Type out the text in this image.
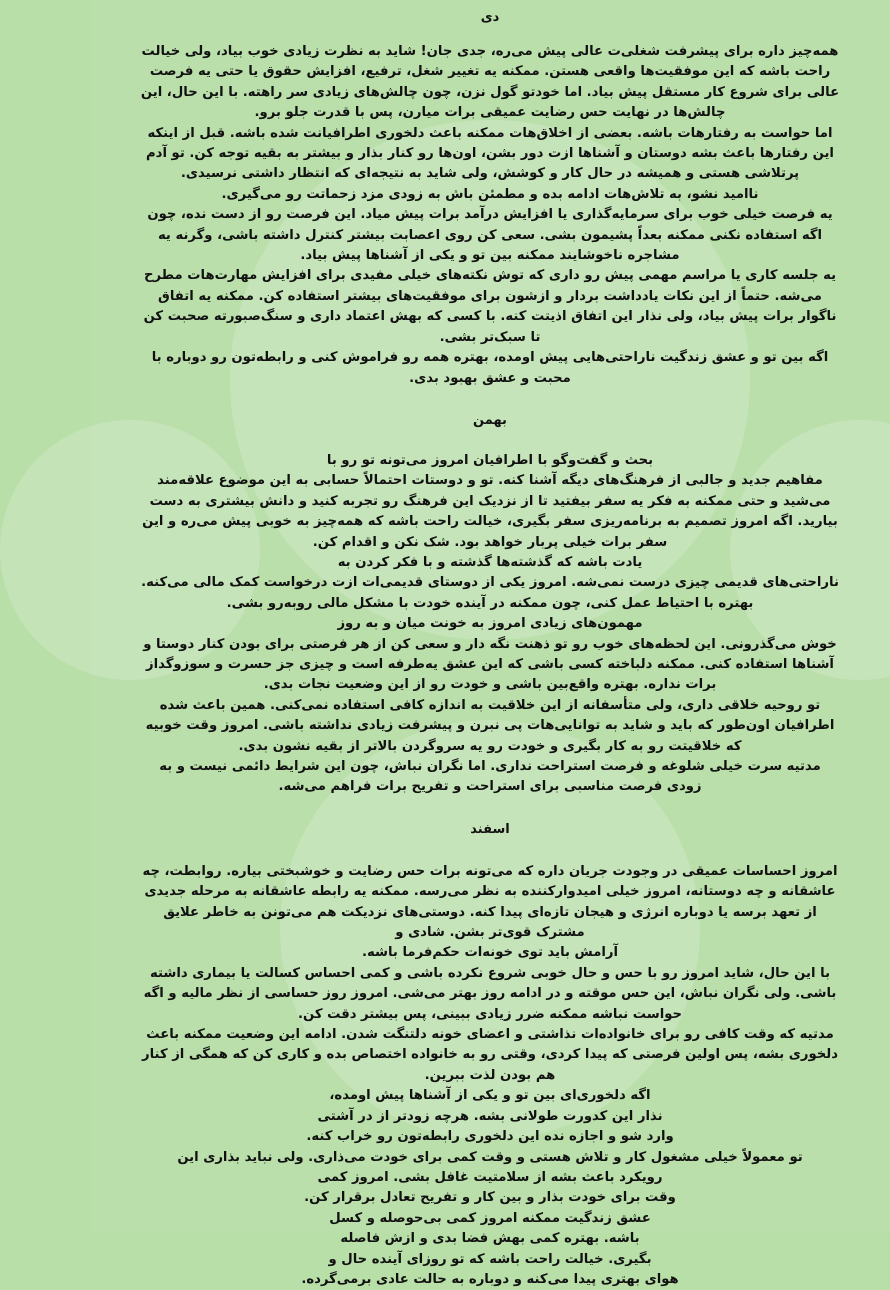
دی

همه‌چیز داره برای پیشرفت شغلی‌ت عالی پیش می‌ره، جدی جان! شاید به نظرت زیادی خوب بیاد، ولی خیالت راحت باشه که این موفقیت‌ها واقعی هستن. ممکنه یه تغییر شغل، ترفیع، افزایش حقوق یا حتی یه فرصت عالی برای شروع کار مستقل پیش بیاد. اما خودتو گول نزن، چون چالش‌های زیادی سر راهته. با این حال، این چالش‌ها در نهایت حس رضایت عمیقی برات میارن، پس با قدرت جلو برو.

اما حواست به رفتارهات باشه. بعضی از اخلاق‌هات ممکنه باعث دلخوری اطرافیانت شده باشه. قبل از اینکه این رفتارها باعث بشه دوستان و آشناها ازت دور بشن، اون‌ها رو کنار بذار و بیشتر به بقیه توجه کن. تو آدم پرتلاشی هستی و همیشه در حال کار و کوشش، ولی شاید به نتیجه‌ای که انتظار داشتی نرسیدی.

ناامید نشو، به تلاش‌هات ادامه بده و مطمئن باش به زودی مزد زحماتت رو می‌گیری.

یه فرصت خیلی خوب برای سرمایه‌گذاری یا افزایش درآمد برات پیش میاد. این فرصت رو از دست نده، چون اگه استفاده نکنی ممکنه بعداً پشیمون بشی. سعی کن روی اعصابت بیشتر کنترل داشته باشی، وگرنه یه مشاجره ناخوشایند ممکنه بین تو و یکی از آشناها پیش بیاد.

یه جلسه کاری یا مراسم مهمی پیش رو داری که توش نکته‌های خیلی مفیدی برای افزایش مهارت‌هات مطرح می‌شه. حتماً از این نکات یادداشت بردار و ازشون برای موفقیت‌های بیشتر استفاده کن. ممکنه یه اتفاق ناگوار برات پیش بیاد، ولی نذار این اتفاق اذیتت کنه. با کسی که بهش اعتماد داری و سنگ‌صبورته صحبت کن تا سبک‌تر بشی.

اگه بین تو و عشق زندگیت ناراحتی‌هایی پیش اومده، بهتره همه رو فراموش کنی و رابطه‌تون رو دوباره با محبت و عشق بهبود بدی.

بهمن

بحث و گفت‌وگو با اطرافیان امروز می‌تونه تو رو با

مفاهیم جدید و جالبی از فرهنگ‌های دیگه آشنا کنه. تو و دوستات احتمالاً حسابی به این موضوع علاقه‌مند می‌شید و حتی ممکنه به فکر یه سفر بیفتید تا از نزدیک این فرهنگ رو تجربه کنید و دانش بیشتری به دست بیارید. اگه امروز تصمیم به برنامه‌ریزی سفر بگیری، خیالت راحت باشه که همه‌چیز به خوبی پیش می‌ره و این سفر برات خیلی پربار خواهد بود. شک نکن و اقدام کن.

یادت باشه که گذشته‌ها گذشته و با فکر کردن به

ناراحتی‌های قدیمی چیزی درست نمی‌شه. امروز یکی از دوستای قدیمی‌ات ازت درخواست کمک مالی می‌کنه. بهتره با احتیاط عمل کنی، چون ممکنه در آینده خودت با مشکل مالی روبه‌رو بشی.

مهمون‌های زیادی امروز به خونت میان و به روز

خوش می‌گذرونی. این لحظه‌های خوب رو تو ذهنت نگه دار و سعی کن از هر فرصتی برای بودن کنار دوستا و آشناها استفاده کنی. ممکنه دلباخته کسی باشی که این عشق یه‌طرفه است و چیزی جز حسرت و سوزوگداز برات نداره. بهتره واقع‌بین باشی و خودت رو از این وضعیت نجات بدی.

تو روحیه خلاقی داری، ولی متأسفانه از این خلاقیت به اندازه کافی استفاده نمی‌کنی. همین باعث شده اطرافیان اون‌طور که باید و شاید به توانایی‌هات پی نبرن و پیشرفت زیادی نداشته باشی. امروز وقت خوبیه که خلاقیتت رو به کار بگیری و خودت رو یه سروگردن بالاتر از بقیه نشون بدی.

مدتیه سرت خیلی شلوغه و فرصت استراحت نداری. اما نگران نباش، چون این شرایط دائمی نیست و به زودی فرصت مناسبی برای استراحت و تفریح برات فراهم می‌شه.

اسفند

امروز احساسات عمیقی در وجودت جریان داره که می‌تونه برات حس رضایت و خوشبختی بیاره. روابطت، چه عاشقانه و چه دوستانه، امروز خیلی امیدوارکننده به نظر می‌رسه. ممکنه یه رابطه عاشقانه به مرحله جدیدی از تعهد برسه یا دوباره انرژی و هیجان تازه‌ای پیدا کنه. دوستی‌های نزدیکت هم می‌تونن به خاطر علایق مشترک قوی‌تر بشن. شادی و

آرامش باید توی خونه‌ات حکم‌فرما باشه.

با این حال، شاید امروز رو با حس و حال خوبی شروع نکرده باشی و کمی احساس کسالت یا بیماری داشته باشی. ولی نگران نباش، این حس موقته و در ادامه روز بهتر می‌شی. امروز روز حساسی از نظر مالیه و اگه حواست نباشه ممکنه ضرر زیادی ببینی، پس بیشتر دقت کن.

مدتیه که وقت کافی رو برای خانواده‌ات نذاشتی و اعضای خونه دلتنگت شدن. ادامه این وضعیت ممکنه باعث دلخوری بشه، پس اولین فرصتی که پیدا کردی، وقتی رو به خانواده اختصاص بده و کاری کن که همگی از کنار هم بودن لذت ببرین.

اگه دلخوری‌ای بین تو و یکی از آشناها پیش اومده،

نذار این کدورت طولانی بشه. هرچه زودتر از در آشتی

وارد شو و اجازه نده این دلخوری رابطه‌تون رو خراب کنه.

تو معمولاً خیلی مشغول کار و تلاش هستی و وقت کمی برای خودت می‌ذاری. ولی نباید بذاری این

رویکرد باعث بشه از سلامتیت غافل بشی. امروز کمی

وقت برای خودت بذار و بین کار و تفریح تعادل برقرار کن.

عشق زندگیت ممکنه امروز کمی بی‌حوصله و کسل

باشه. بهتره کمی بهش فضا بدی و ازش فاصله

بگیری. خیالت راحت باشه که تو روزای آینده حال و

هوای بهتری پیدا می‌کنه و دوباره به حالت عادی برمی‌گرده.
